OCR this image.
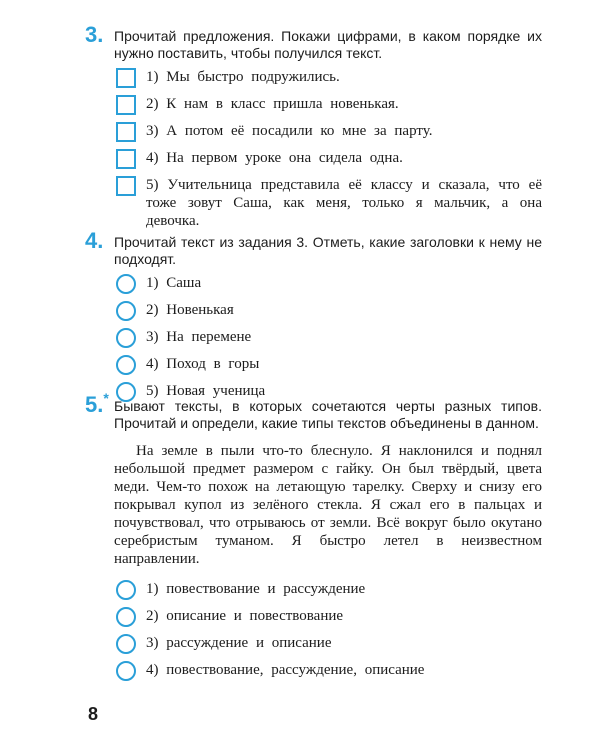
3. Прочитай предложения. Покажи цифрами, в каком порядке их нужно поставить, чтобы получился текст.
1) Мы быстро подружились.
2) К нам в класс пришла новенькая.
3) А потом её посадили ко мне за парту.
4) На первом уроке она сидела одна.
5) Учительница представила её классу и сказала, что её тоже зовут Саша, как меня, только я мальчик, а она девочка.
4. Прочитай текст из задания 3. Отметь, какие заголовки к нему не подходят.
1) Саша
2) Новенькая
3) На перемене
4) Поход в горы
5) Новая ученица
5.* Бывают тексты, в которых сочетаются черты разных типов. Прочитай и определи, какие типы текстов объединены в данном.
На земле в пыли что-то блеснуло. Я наклонился и поднял небольшой предмет размером с гайку. Он был твёрдый, цвета меди. Чем-то похож на летающую тарелку. Сверху и снизу его покрывал купол из зелёного стекла. Я сжал его в пальцах и почувствовал, что отрываюсь от земли. Всё вокруг было окутано серебристым туманом. Я быстро летел в неизвестном направлении.
1) повествование и рассуждение
2) описание и повествование
3) рассуждение и описание
4) повествование, рассуждение, описание
8
